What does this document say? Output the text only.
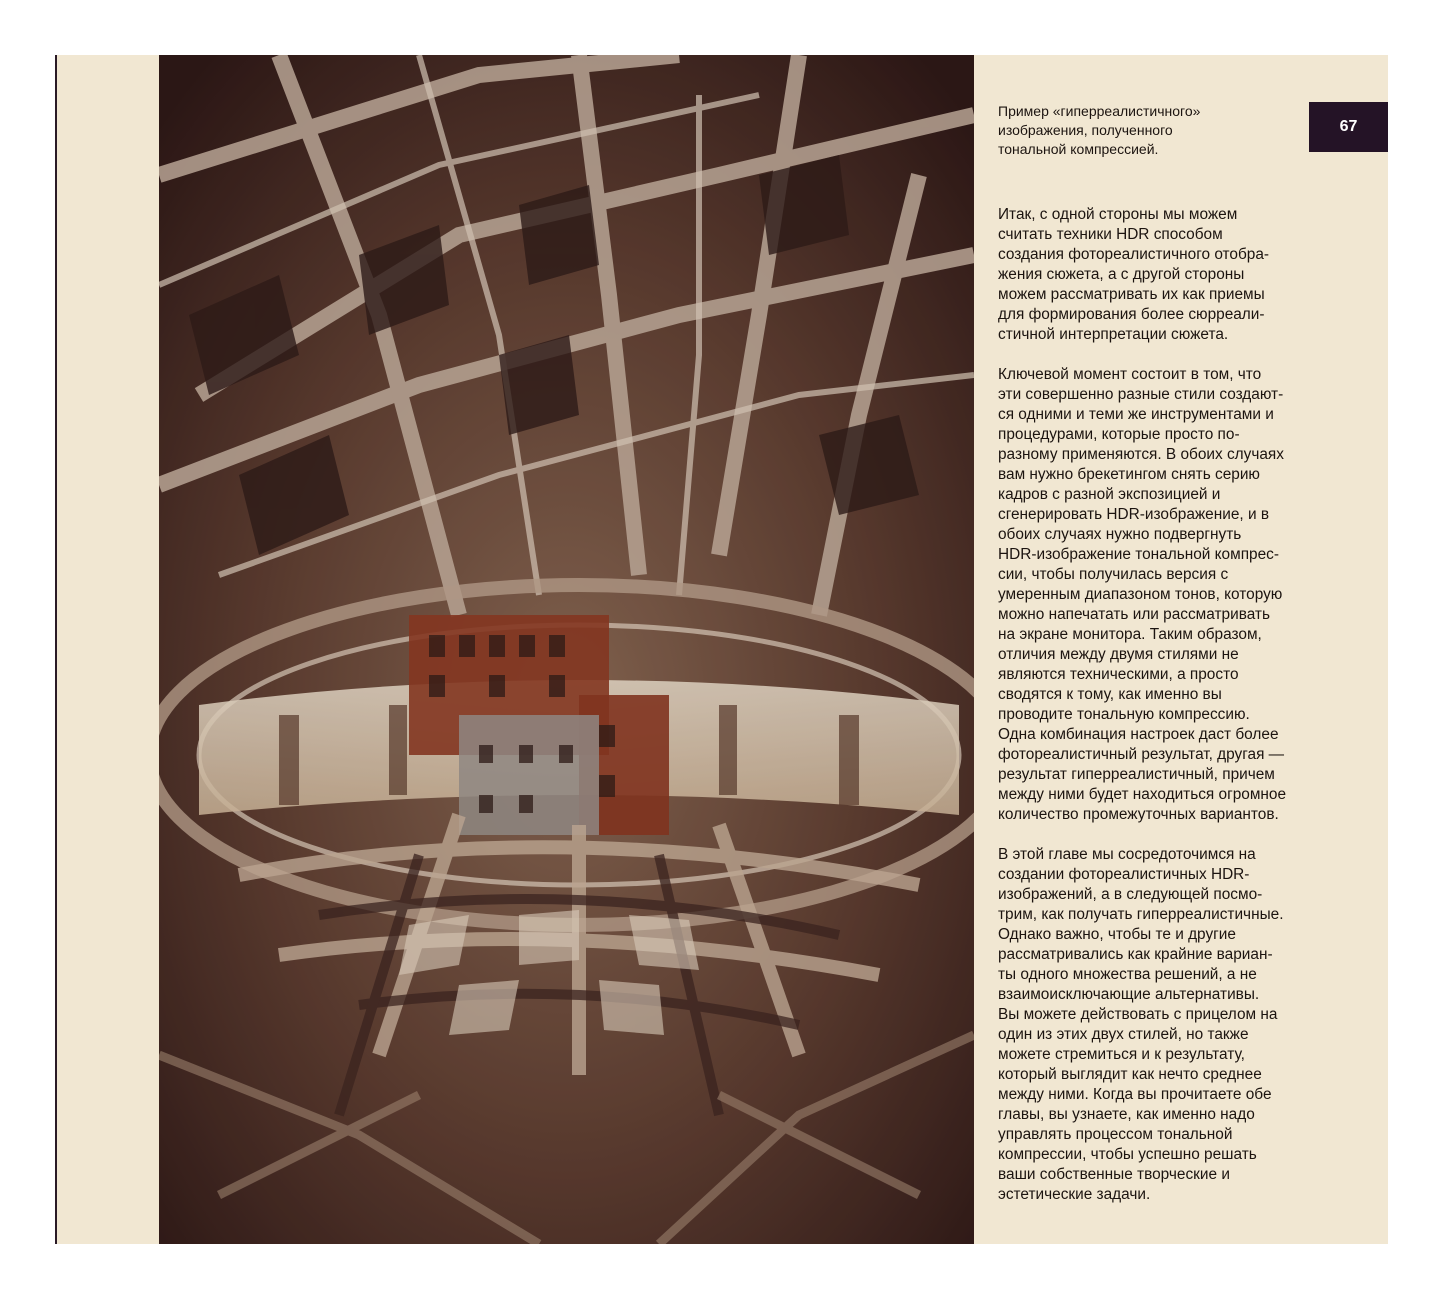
Пример «гиперреалистичного»
изображения, полученного
тональной компрессией.
67

Итак, с одной стороны мы можем
считать техники HDR способом
создания фотореалистичного отобра-
жения сюжета, а с другой стороны
можем рассматривать их как приемы
для формирования более сюрреали-
стичной интерпретации сюжета.

Ключевой момент состоит в том, что
эти совершенно разные стили создают-
ся одними и теми же инструментами и
процедурами, которые просто по-
разному применяются. В обоих случаях
вам нужно брекетингом снять серию
кадров с разной экспозицией и
сгенерировать HDR-изображение, и в
обоих случаях нужно подвергнуть
HDR-изображение тональной компрес-
сии, чтобы получилась версия с
умеренным диапазоном тонов, которую
можно напечатать или рассматривать
на экране монитора. Таким образом,
отличия между двумя стилями не
являются техническими, а просто
сводятся к тому, как именно вы
проводите тональную компрессию.
Одна комбинация настроек даст более
фотореалистичный результат, другая —
результат гиперреалистичный, причем
между ними будет находиться огромное
количество промежуточных вариантов.

В этой главе мы сосредоточимся на
создании фотореалистичных HDR-
изображений, а в следующей посмо-
трим, как получать гиперреалистичные.
Однако важно, чтобы те и другие
рассматривались как крайние вариан-
ты одного множества решений, а не
взаимоисключающие альтернативы.
Вы можете действовать с прицелом на
один из этих двух стилей, но также
можете стремиться и к результату,
который выглядит как нечто среднее
между ними. Когда вы прочитаете обе
главы, вы узнаете, как именно надо
управлять процессом тональной
компрессии, чтобы успешно решать
ваши собственные творческие и
эстетические задачи.
